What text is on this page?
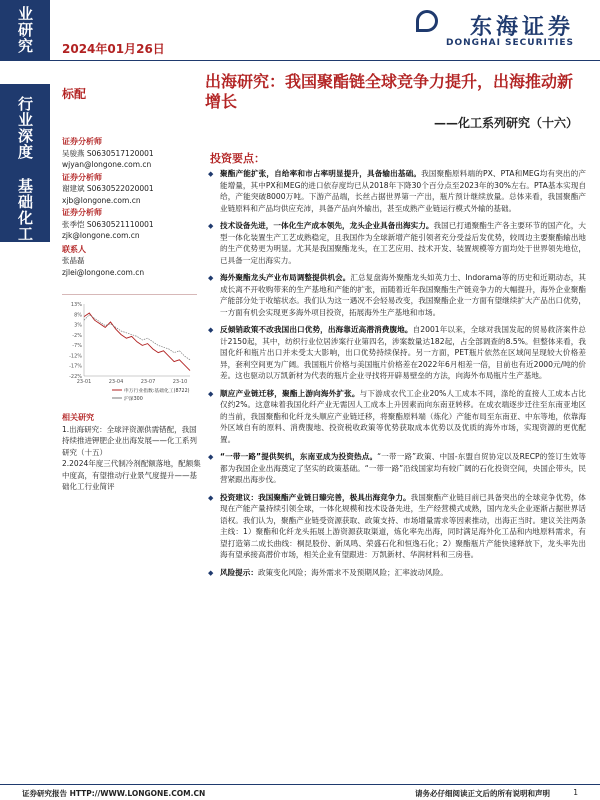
业研究
行业深度
基础化工
2024年01月26日
东海证券
DONGHAI SECURITIES
标配
出海研究：我国聚酯链全球竞争力提升，出海推动新增长
——化工系列研究（十六）
证券分析师
吴骏燕 S0630517120001
wjyan@longone.com.cn
证券分析师
谢建斌 S0630522020001
xjb@longone.com.cn
证券分析师
张季恺 S0630521110001
zjk@longone.com.cn
联系人
张晶磊
zjlei@longone.com.cn
13%
8%
3%
-2%
-7%
-12%
-17%
-22%
23-01	23-04	23-07	23-10
申万行业指数:基础化工(8722)
沪深300
相关研究
1.出海研究：全球评资源供需错配，我国持续推进钾肥企业出海发展——化工系列研究（十五）
2.2024年度三代制冷剂配额落地，配额集中度高，有望推动行业景气度提升——基础化工行业简评
投资要点：
◆ 聚酯产能扩张，自给率和市占率明显提升，具备输出基础。我国聚酯原料端的PX、PTA和MEG均有突出的产能增量，其中PX和MEG的进口依存度均已从2018年下降30个百分点至2023年的30%左右。PTA基本实现自给，产能突破8000万吨。下游产品端，长丝占据世界第一产出，瓶片预计继续放量。总体来看，我国聚酯产业链原料和产品均供应充沛，具备产品向外输出，甚至成熟产业链运行模式外输的基础。
◆ 技术设备先进，一体化生产成本领先，龙头企业具备出海实力。我国已打通聚酯生产各主要环节的国产化，大型一体化装置生产工艺成熟稳定，且我国作为全球新增产能引领者充分受益后发优势，较周边主要聚酯输出地的生产优势更为明显。尤其是我国聚酯龙头，在工艺应用、技术开发、装置规模等方面均处于世界领先地位，已具备一定出海实力。
◆ 海外聚酯龙头产业布局调整提供机会。汇总复盘海外聚酯龙头如英力士、Indorama等的历史和近期动态，其成长离不开收购带来的生产基地和产能的扩张，而随着近年我国聚酯生产链竞争力的大幅提升，海外企业聚酯产能部分处于收缩状态。我们认为这一遇况不会轻易改变，我国聚酯企业一方面有望继续扩大产品出口优势，一方面有机会实现更多海外项目投资，拓展海外生产基地和市场。
◆ 反倾销政策不改我国出口优势，出海靠近高潜消费腹地。自2001年以来，全球对我国发起的贸易救济案件总计2150起，其中，纺织行业位居涉案行业第四名，涉案数量达182起，占全部调查的8.5%。但整体来看，我国化纤和瓶片出口并未受太大影响，出口优势持续保持。另一方面，PET瓶片依然在区域间呈现较大价格差异，套利空间更为广阔。我国瓶片价格与美国瓶片价格差在2022年6月相差一倍，目前也有近2000元/吨的价差。这也驱动以万凯新材为代表的瓶片企业寻找将开辟易壁垒的方法，向海外布局瓶片生产基地。
◆ 顺应产业链迁移，聚酯上游向海外扩张。与下游成衣代工企业20%人工成本不同，涤纶的直接人工成本占比仅约2%。这意味着我国化纤产业无需因人工成本上升因素而向东南亚转移。在成衣端逐步迁往至东南亚地区的当前，我国聚酯和化纤龙头顺应产业链迁移，将聚酯原料端（炼化）产能布局至东南亚、中东等地，依靠海外区域自有的原料、消费腹地、投资税收政策等优势获取成本优势以及优质的海外市场，实现资源的更优配置。
◆ “一带一路”提供契机，东南亚成为投资热点。“一带一路”政策、中国-东盟自贸协定以及RECP的签订生效等都为我国企业出海奠定了坚实的政策基础。“一带一路”沿线国家均有较广阔的石化投资空间，央国企带头，民营紧跟出海步伐。
◆ 投资建议：我国聚酯产业链日臻完善，极具出海竞争力。我国聚酯产业链目前已具备突出的全球竞争优势，体现在产能产量持续引领全球，一体化规模和技术设备先进，生产经营模式成熟，国内龙头企业逐渐占据世界话语权。我们认为，聚酯产业链受资源获取、政策支持、市场增量需求等因素推动，出海正当时。建议关注两条主线：1）聚酯和化纤龙头拓展上游资源获取渠道，炼化率先出海，同时满足海外化工品和内地原料需求，有望打造第二成长曲线：桐昆股份、新凤鸣、荣盛石化和恒逸石化；2）聚酯瓶片产能快速释放下，龙头率先出海有望承接高潜价市场，相关企业有望跟进：万凯新材、华润材料和三房巷。
◆ 风险提示：政策变化风险；海外需求不及预期风险；汇率波动风险。
证券研究报告 HTTP://WWW.LONGONE.COM.CN	请务必仔细阅读正文后的所有说明和声明	1
